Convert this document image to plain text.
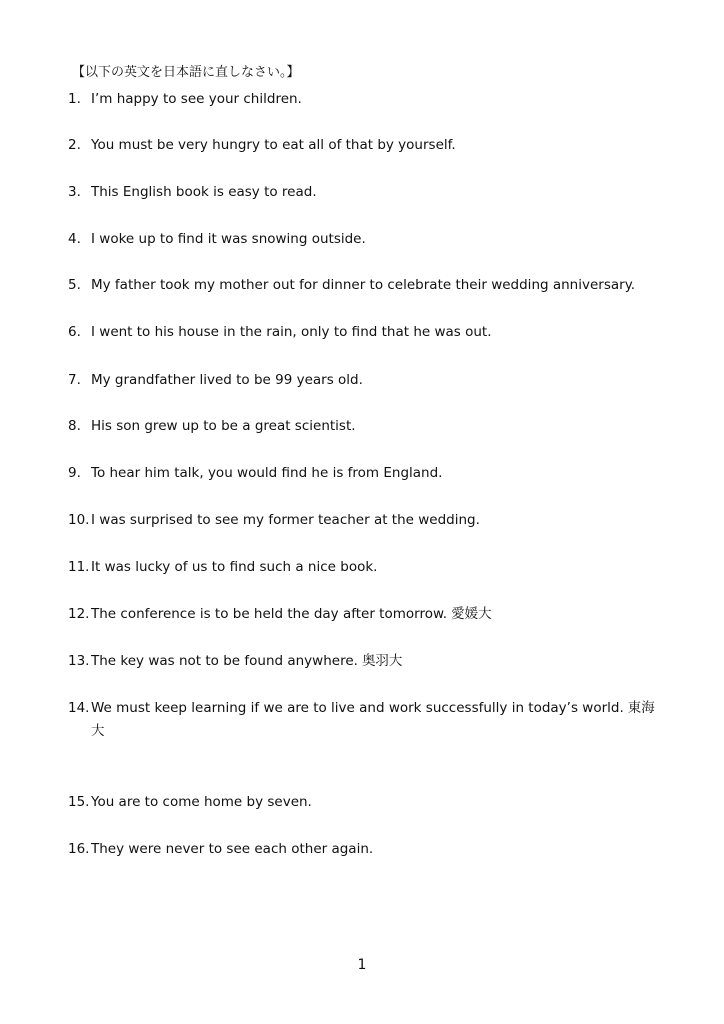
【以下の英文を日本語に直しなさい。】
1. I’m happy to see your children.
2. You must be very hungry to eat all of that by yourself.
3. This English book is easy to read.
4. I woke up to find it was snowing outside.
5. My father took my mother out for dinner to celebrate their wedding anniversary.
6. I went to his house in the rain, only to find that he was out.
7. My grandfather lived to be 99 years old.
8. His son grew up to be a great scientist.
9. To hear him talk, you would find he is from England.
10. I was surprised to see my former teacher at the wedding.
11. It was lucky of us to find such a nice book.
12. The conference is to be held the day after tomorrow. 愛媛大
13. The key was not to be found anywhere. 奥羽大
14. We must keep learning if we are to live and work successfully in today’s world. 東海大
15. You are to come home by seven.
16. They were never to see each other again.
1
